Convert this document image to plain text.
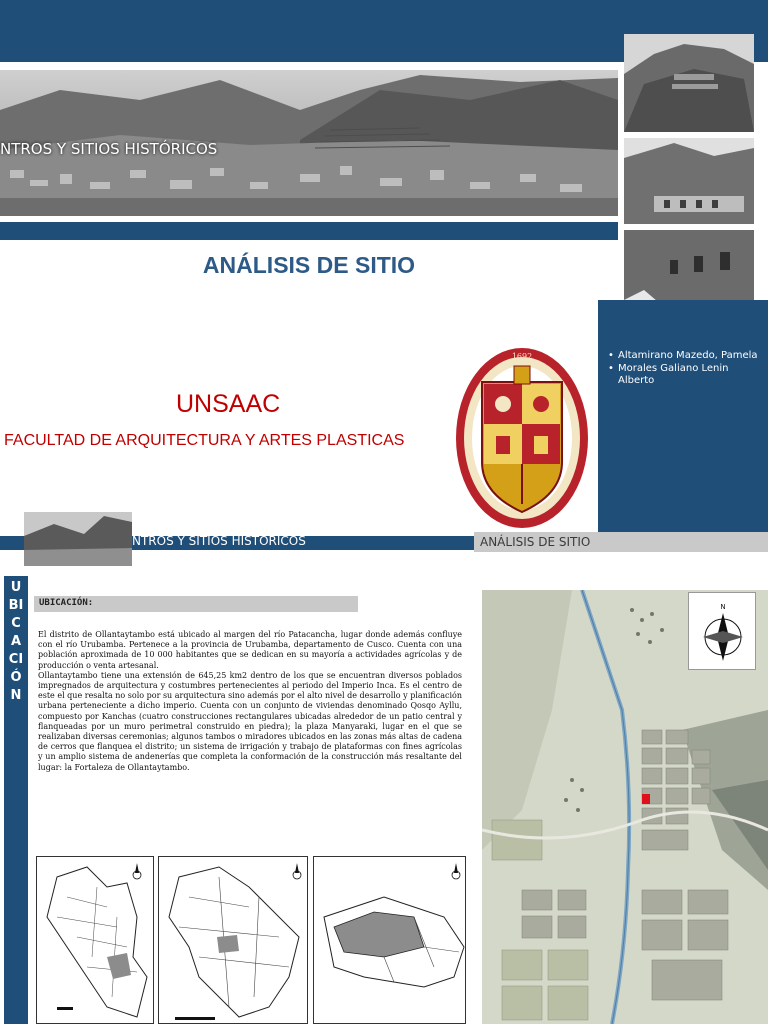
NTROS Y SITIOS HISTÓRICOS
ANÁLISIS DE SITIO
UNSAAC
FACULTAD DE ARQUITECTURA Y ARTES PLASTICAS
• Altamirano Mazedo, Pamela
• Morales Galiano Lenin Alberto
1692
NTROS Y SITIOS HISTÓRICOS	ANÁLISIS DE SITIO
U
BI
C
A
CI
Ó
N
UBICACIÓN:

El distrito de Ollantaytambo está ubicado al margen del río Patacancha, lugar donde además confluye con el río Urubamba. Pertenece a la provincia de Urubamba, departamento de Cusco. Cuenta con una población aproximada de 10 000 habitantes que se dedican en su mayoría a actividades agrícolas y de producción o venta artesanal.

Ollantaytambo tiene una extensión de 645,25 km2 dentro de los que se encuentran diversos poblados impregnados de arquitectura y costumbres pertenecientes al periodo del Imperio Inca. Es el centro de este el que resalta no solo por su arquitectura sino además por el alto nivel de desarrollo y planificación urbana perteneciente a dicho imperio. Cuenta con un conjunto de viviendas denominado Qosqo Ayllu, compuesto por Kanchas (cuatro construcciones rectangulares ubicadas alrededor de un patio central y flanqueadas por un muro perimetral construido en piedra); la plaza Manyaraki, lugar en el que se realizaban diversas ceremonias; algunos tambos o miradores ubicados en las zonas más altas de cadena de cerros que flanquea el distrito; un sistema de irrigación y trabajo de plataformas con fines agrícolas y un amplio sistema de andenerías que completa la conformación de la construcción más resaltante del lugar: la Fortaleza de Ollantaytambo.

N
